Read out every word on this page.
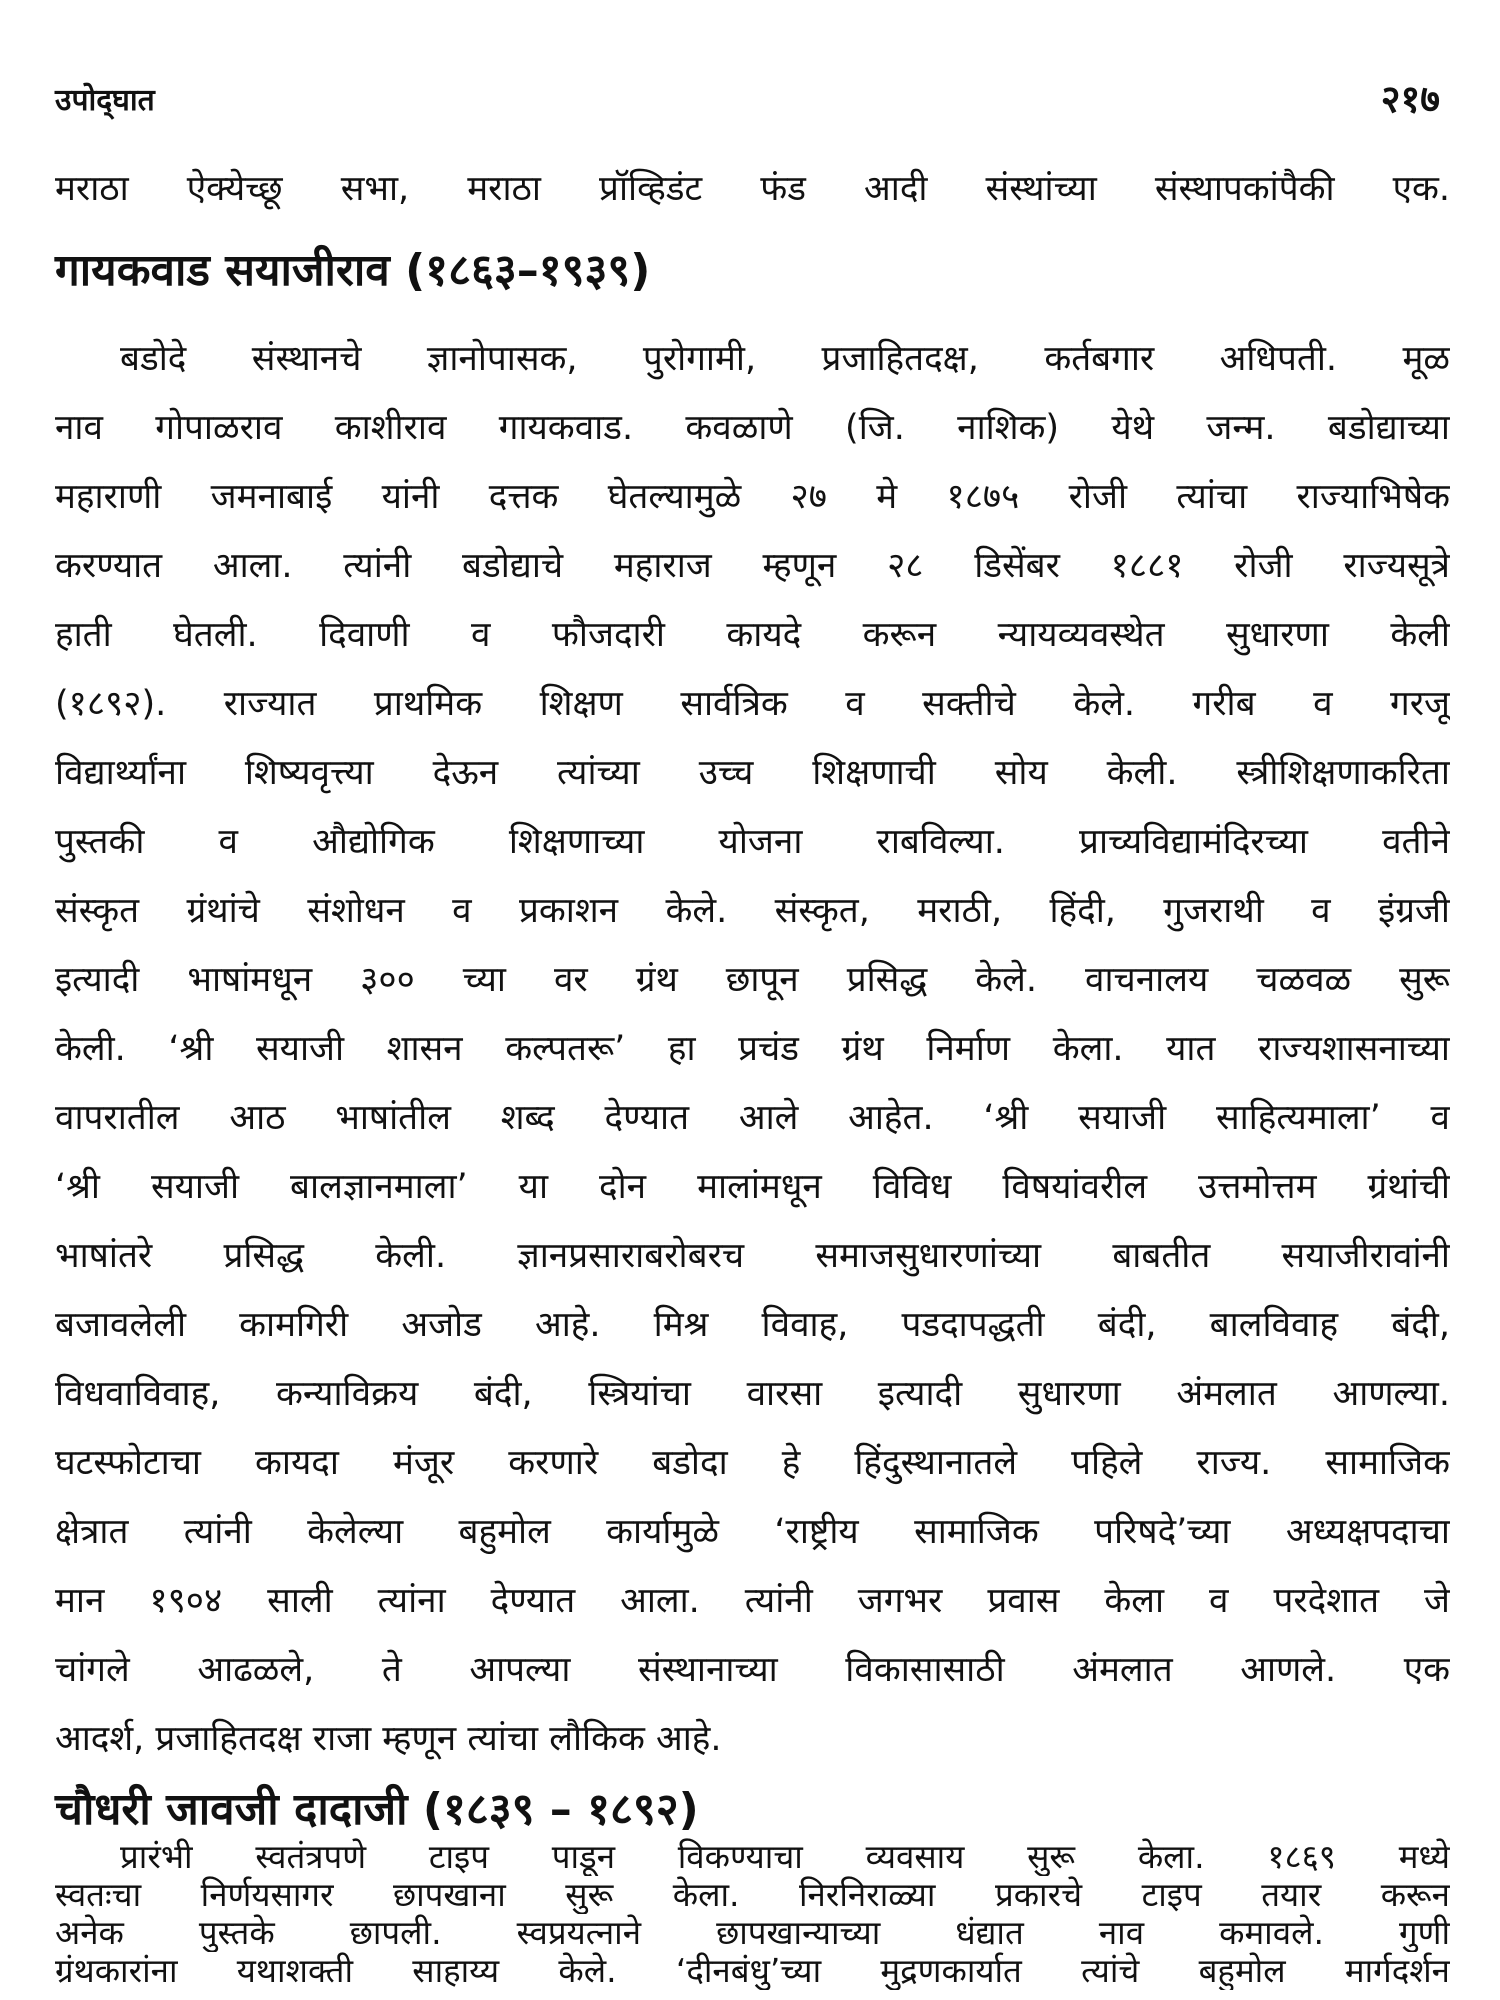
उपोद्‌घात	२१७
मराठा ऐक्येच्छू सभा, मराठा प्रॉव्हिडंट फंड आदी संस्थांच्या संस्थापकांपैकी एक.
गायकवाड सयाजीराव (१८६३–१९३९)
बडोदे संस्थानचे ज्ञानोपासक, पुरोगामी, प्रजाहितदक्ष, कर्तबगार अधिपती. मूळ
नाव गोपाळराव काशीराव गायकवाड. कवळाणे (जि. नाशिक) येथे जन्म. बडोद्याच्या
महाराणी जमनाबाई यांनी दत्तक घेतल्यामुळे २७ मे १८७५ रोजी त्यांचा राज्याभिषेक
करण्यात आला. त्यांनी बडोद्याचे महाराज म्हणून २८ डिसेंबर १८८१ रोजी राज्यसूत्रे
हाती घेतली. दिवाणी व फौजदारी कायदे करून न्यायव्यवस्थेत सुधारणा केली
(१८९२). राज्यात प्राथमिक शिक्षण सार्वत्रिक व सक्तीचे केले. गरीब व गरजू
विद्यार्थ्यांना शिष्यवृत्त्या देऊन त्यांच्या उच्च शिक्षणाची सोय केली. स्त्रीशिक्षणाकरिता
पुस्तकी व औद्योगिक शिक्षणाच्या योजना राबविल्या. प्राच्यविद्यामंदिरच्या वतीने
संस्कृत ग्रंथांचे संशोधन व प्रकाशन केले. संस्कृत, मराठी, हिंदी, गुजराथी व इंग्रजी
इत्यादी भाषांमधून ३०० च्या वर ग्रंथ छापून प्रसिद्ध केले. वाचनालय चळवळ सुरू
केली. ‘श्री सयाजी शासन कल्पतरू’ हा प्रचंड ग्रंथ निर्माण केला. यात राज्यशासनाच्या
वापरातील आठ भाषांतील शब्द देण्यात आले आहेत. ‘श्री सयाजी साहित्यमाला’ व
‘श्री सयाजी बालज्ञानमाला’ या दोन मालांमधून विविध विषयांवरील उत्तमोत्तम ग्रंथांची
भाषांतरे प्रसिद्ध केली. ज्ञानप्रसाराबरोबरच समाजसुधारणांच्या बाबतीत सयाजीरावांनी
बजावलेली कामगिरी अजोड आहे. मिश्र विवाह, पडदापद्धती बंदी, बालविवाह बंदी,
विधवाविवाह, कन्याविक्रय बंदी, स्त्रियांचा वारसा इत्यादी सुधारणा अंमलात आणल्या.
घटस्फोटाचा कायदा मंजूर करणारे बडोदा हे हिंदुस्थानातले पहिले राज्य. सामाजिक
क्षेत्रात त्यांनी केलेल्या बहुमोल कार्यामुळे ‘राष्ट्रीय सामाजिक परिषदे’च्या अध्यक्षपदाचा
मान १९०४ साली त्यांना देण्यात आला. त्यांनी जगभर प्रवास केला व परदेशात जे
चांगले आढळले, ते आपल्या संस्थानाच्या विकासासाठी अंमलात आणले. एक
आदर्श, प्रजाहितदक्ष राजा म्हणून त्यांचा लौकिक आहे.
चौधरी जावजी दादाजी (१८३९ – १८९२)
प्रारंभी स्वतंत्रपणे टाइप पाडून विकण्याचा व्यवसाय सुरू केला. १८६९ मध्ये
स्वतःचा निर्णयसागर छापखाना सुरू केला. निरनिराळ्या प्रकारचे टाइप तयार करून
अनेक पुस्तके छापली. स्वप्रयत्नाने छापखान्याच्या धंद्यात नाव कमावले. गुणी
ग्रंथकारांना यथाशक्ती साहाय्य केले. ‘दीनबंधु’च्या मुद्रणकार्यात त्यांचे बहुमोल मार्गदर्शन
